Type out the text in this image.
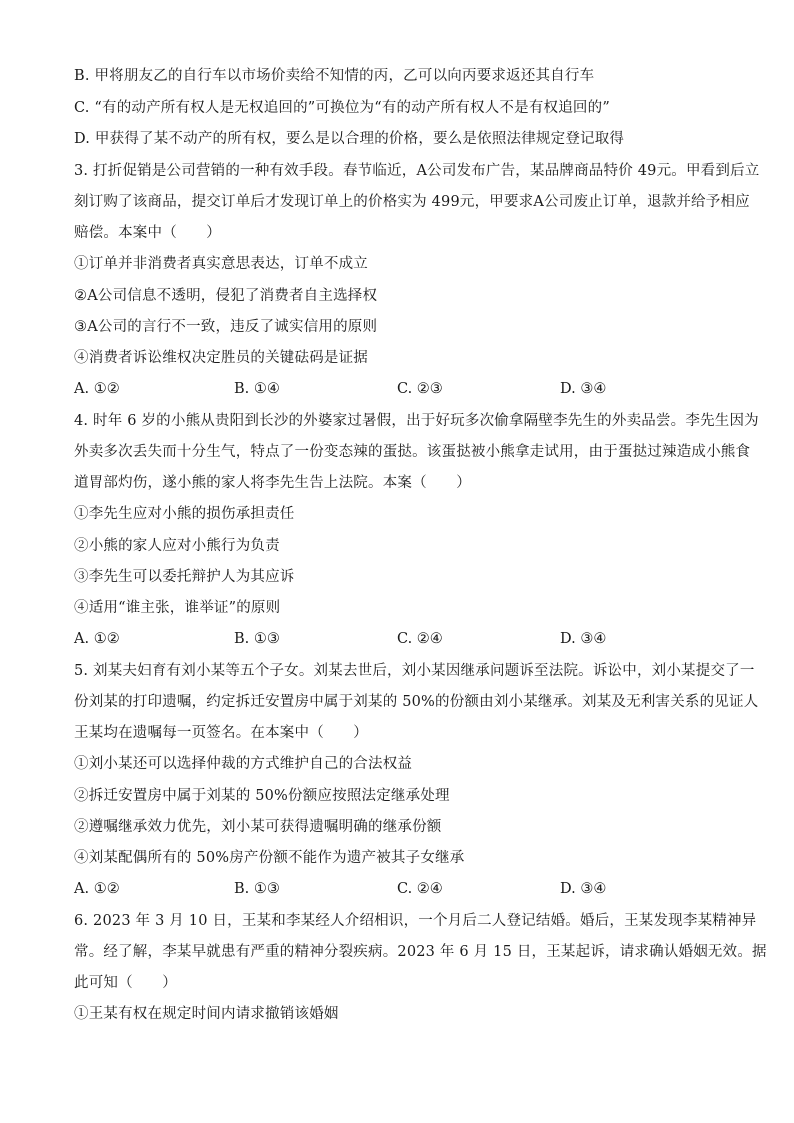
B. 甲将朋友乙的自行车以市场价卖给不知情的丙，乙可以向丙要求返还其自行车
C. “有的动产所有权人是无权追回的”可换位为“有的动产所有权人不是有权追回的”
D. 甲获得了某不动产的所有权，要么是以合理的价格，要么是依照法律规定登记取得
3. 打折促销是公司营销的一种有效手段。春节临近，A公司发布广告，某品牌商品特价 49元。甲看到后立
刻订购了该商品，提交订单后才发现订单上的价格实为 499元，甲要求A公司废止订单，退款并给予相应
赔偿。本案中（　　）
①订单并非消费者真实意思表达，订单不成立
②A公司信息不透明，侵犯了消费者自主选择权
③A公司的言行不一致，违反了诚实信用的原则
④消费者诉讼维权决定胜员的关键砝码是证据
A. ①②	B. ①④	C. ②③	D. ③④
4. 时年 6 岁的小熊从贵阳到长沙的外婆家过暑假，出于好玩多次偷拿隔壁李先生的外卖品尝。李先生因为
外卖多次丢失而十分生气，特点了一份变态辣的蛋挞。该蛋挞被小熊拿走试用，由于蛋挞过辣造成小熊食
道胃部灼伤，遂小熊的家人将李先生告上法院。本案（　　）
①李先生应对小熊的损伤承担责任
②小熊的家人应对小熊行为负责
③李先生可以委托辩护人为其应诉
④适用“谁主张，谁举证”的原则
A. ①②	B. ①③	C. ②④	D. ③④
5. 刘某夫妇育有刘小某等五个子女。刘某去世后，刘小某因继承问题诉至法院。诉讼中，刘小某提交了一
份刘某的打印遗嘱，约定拆迁安置房中属于刘某的 50%的份额由刘小某继承。刘某及无利害关系的见证人
王某均在遗嘱每一页签名。在本案中（　　）
①刘小某还可以选择仲裁的方式维护自己的合法权益
②拆迁安置房中属于刘某的 50%份额应按照法定继承处理
②遵嘱继承效力优先，刘小某可获得遗嘱明确的继承份额
④刘某配偶所有的 50%房产份额不能作为遗产被其子女继承
A. ①②	B. ①③	C. ②④	D. ③④
6. 2023 年 3 月 10 日，王某和李某经人介绍相识，一个月后二人登记结婚。婚后，王某发现李某精神异
常。经了解，李某早就患有严重的精神分裂疾病。2023 年 6 月 15 日，王某起诉，请求确认婚姻无效。据
此可知（　　）
①王某有权在规定时间内请求撤销该婚姻
